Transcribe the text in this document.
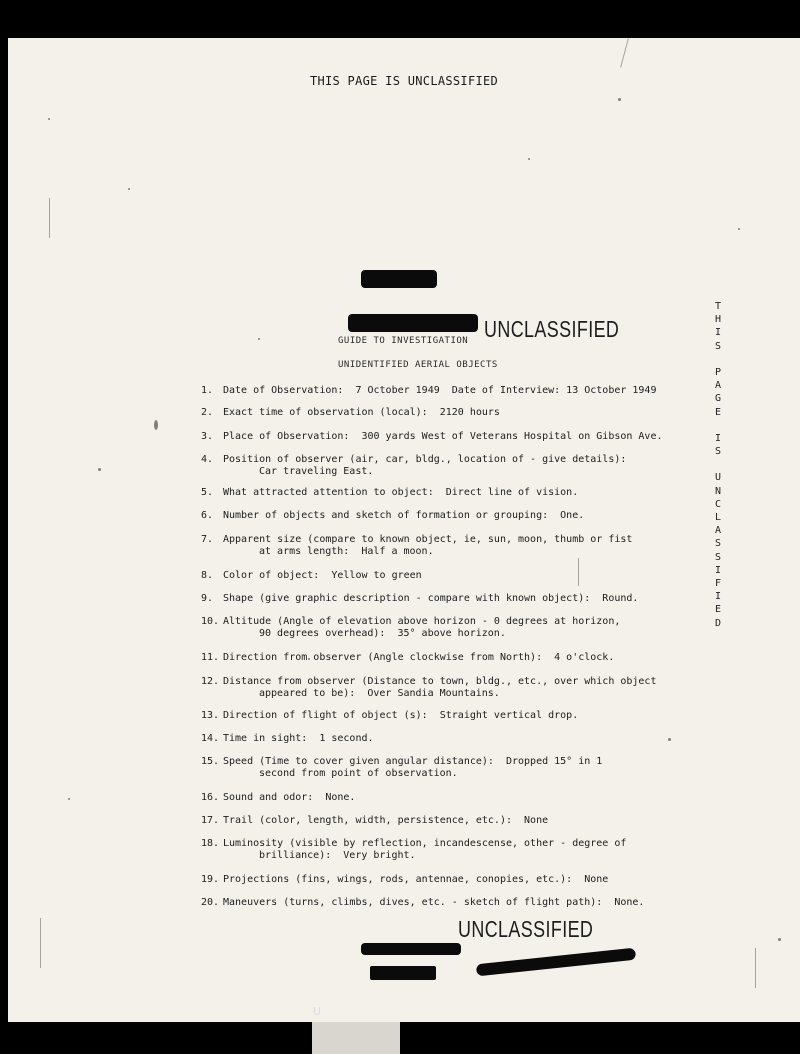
THIS PAGE IS UNCLASSIFIED
UNCLASSIFIED
GUIDE TO INVESTIGATION
UNIDENTIFIED AERIAL OBJECTS
1. Date of Observation:  7 October 1949  Date of Interview: 13 October 1949
2. Exact time of observation (local):  2120 hours
3. Place of Observation:  300 yards West of Veterans Hospital on Gibson Ave.
4. Position of observer (air, car, bldg., location of - give details):
Car traveling East.
5. What attracted attention to object:  Direct line of vision.
6. Number of objects and sketch of formation or grouping:  One.
7. Apparent size (compare to known object, ie, sun, moon, thumb or fist
at arms length:  Half a moon.
8. Color of object:  Yellow to green
9. Shape (give graphic description - compare with known object):  Round.
10. Altitude (Angle of elevation above horizon - 0 degrees at horizon,
90 degrees overhead):  35° above horizon.
11. Direction from observer (Angle clockwise from North):  4 o'clock.
12. Distance from observer (Distance to town, bldg., etc., over which object
appeared to be):  Over Sandia Mountains.
13. Direction of flight of object (s):  Straight vertical drop.
14. Time in sight:  1 second.
15. Speed (Time to cover given angular distance):  Dropped 15° in 1
second from point of observation.
16. Sound and odor:  None.
17. Trail (color, length, width, persistence, etc.):  None
18. Luminosity (visible by reflection, incandescense, other - degree of
brilliance):  Very bright.
19. Projections (fins, wings, rods, antennae, conopies, etc.):  None
20. Maneuvers (turns, climbs, dives, etc. - sketch of flight path):  None.
T
H
I
S
P
A
G
E
I
S
U
N
C
L
A
S
S
I
F
I
E
D
UNCLASSIFIED
U
